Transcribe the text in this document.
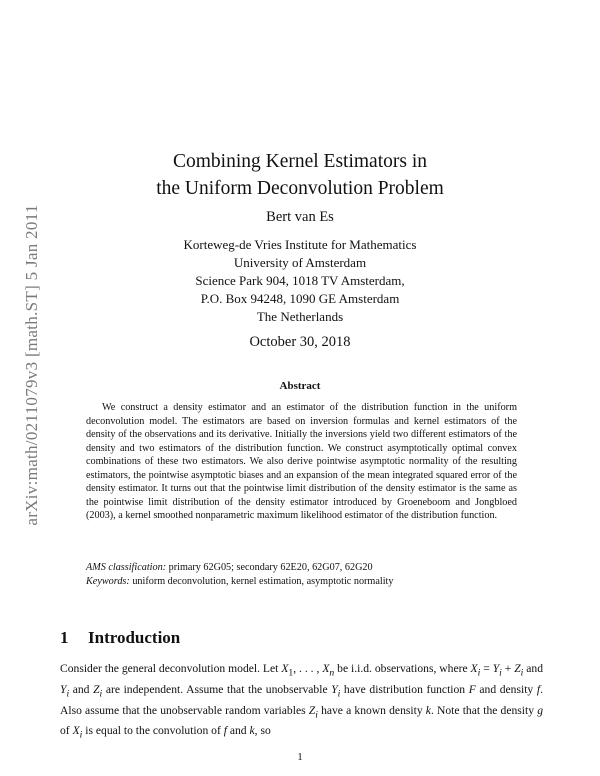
arXiv:math/0211079v3 [math.ST] 5 Jan 2011
Combining Kernel Estimators in
the Uniform Deconvolution Problem
Bert van Es
Korteweg-de Vries Institute for Mathematics
University of Amsterdam
Science Park 904, 1018 TV Amsterdam,
P.O. Box 94248, 1090 GE Amsterdam
The Netherlands
October 30, 2018
Abstract

We construct a density estimator and an estimator of the distribution function in the uniform deconvolution model. The estimators are based on inversion formulas and kernel estimators of the density of the observations and its derivative. Initially the inversions yield two different estimators of the density and two estimators of the distribution function. We construct asymptotically optimal convex combinations of these two estimators. We also derive pointwise asymptotic normality of the resulting estimators, the pointwise asymptotic biases and an expansion of the mean integrated squared error of the density estimator. It turns out that the pointwise limit distribution of the density estimator is the same as the pointwise limit distribution of the density estimator introduced by Groeneboom and Jongbloed (2003), a kernel smoothed nonparametric maximum likelihood estimator of the distribution function.

AMS classification: primary 62G05; secondary 62E20, 62G07, 62G20
Keywords: uniform deconvolution, kernel estimation, asymptotic normality
1 Introduction

Consider the general deconvolution model. Let $X_1$, . . . , $X_n$ be i.i.d. observations, where $X_i = Y_i + Z_i$ and $Y_i$ and $Z_i$ are independent. Assume that the unobservable $Y_i$ have distribution function F and density f. Also assume that the unobservable random variables $Z_i$ have a known density k. Note that the density g of $X_i$ is equal to the convolution of f and k, so

1
